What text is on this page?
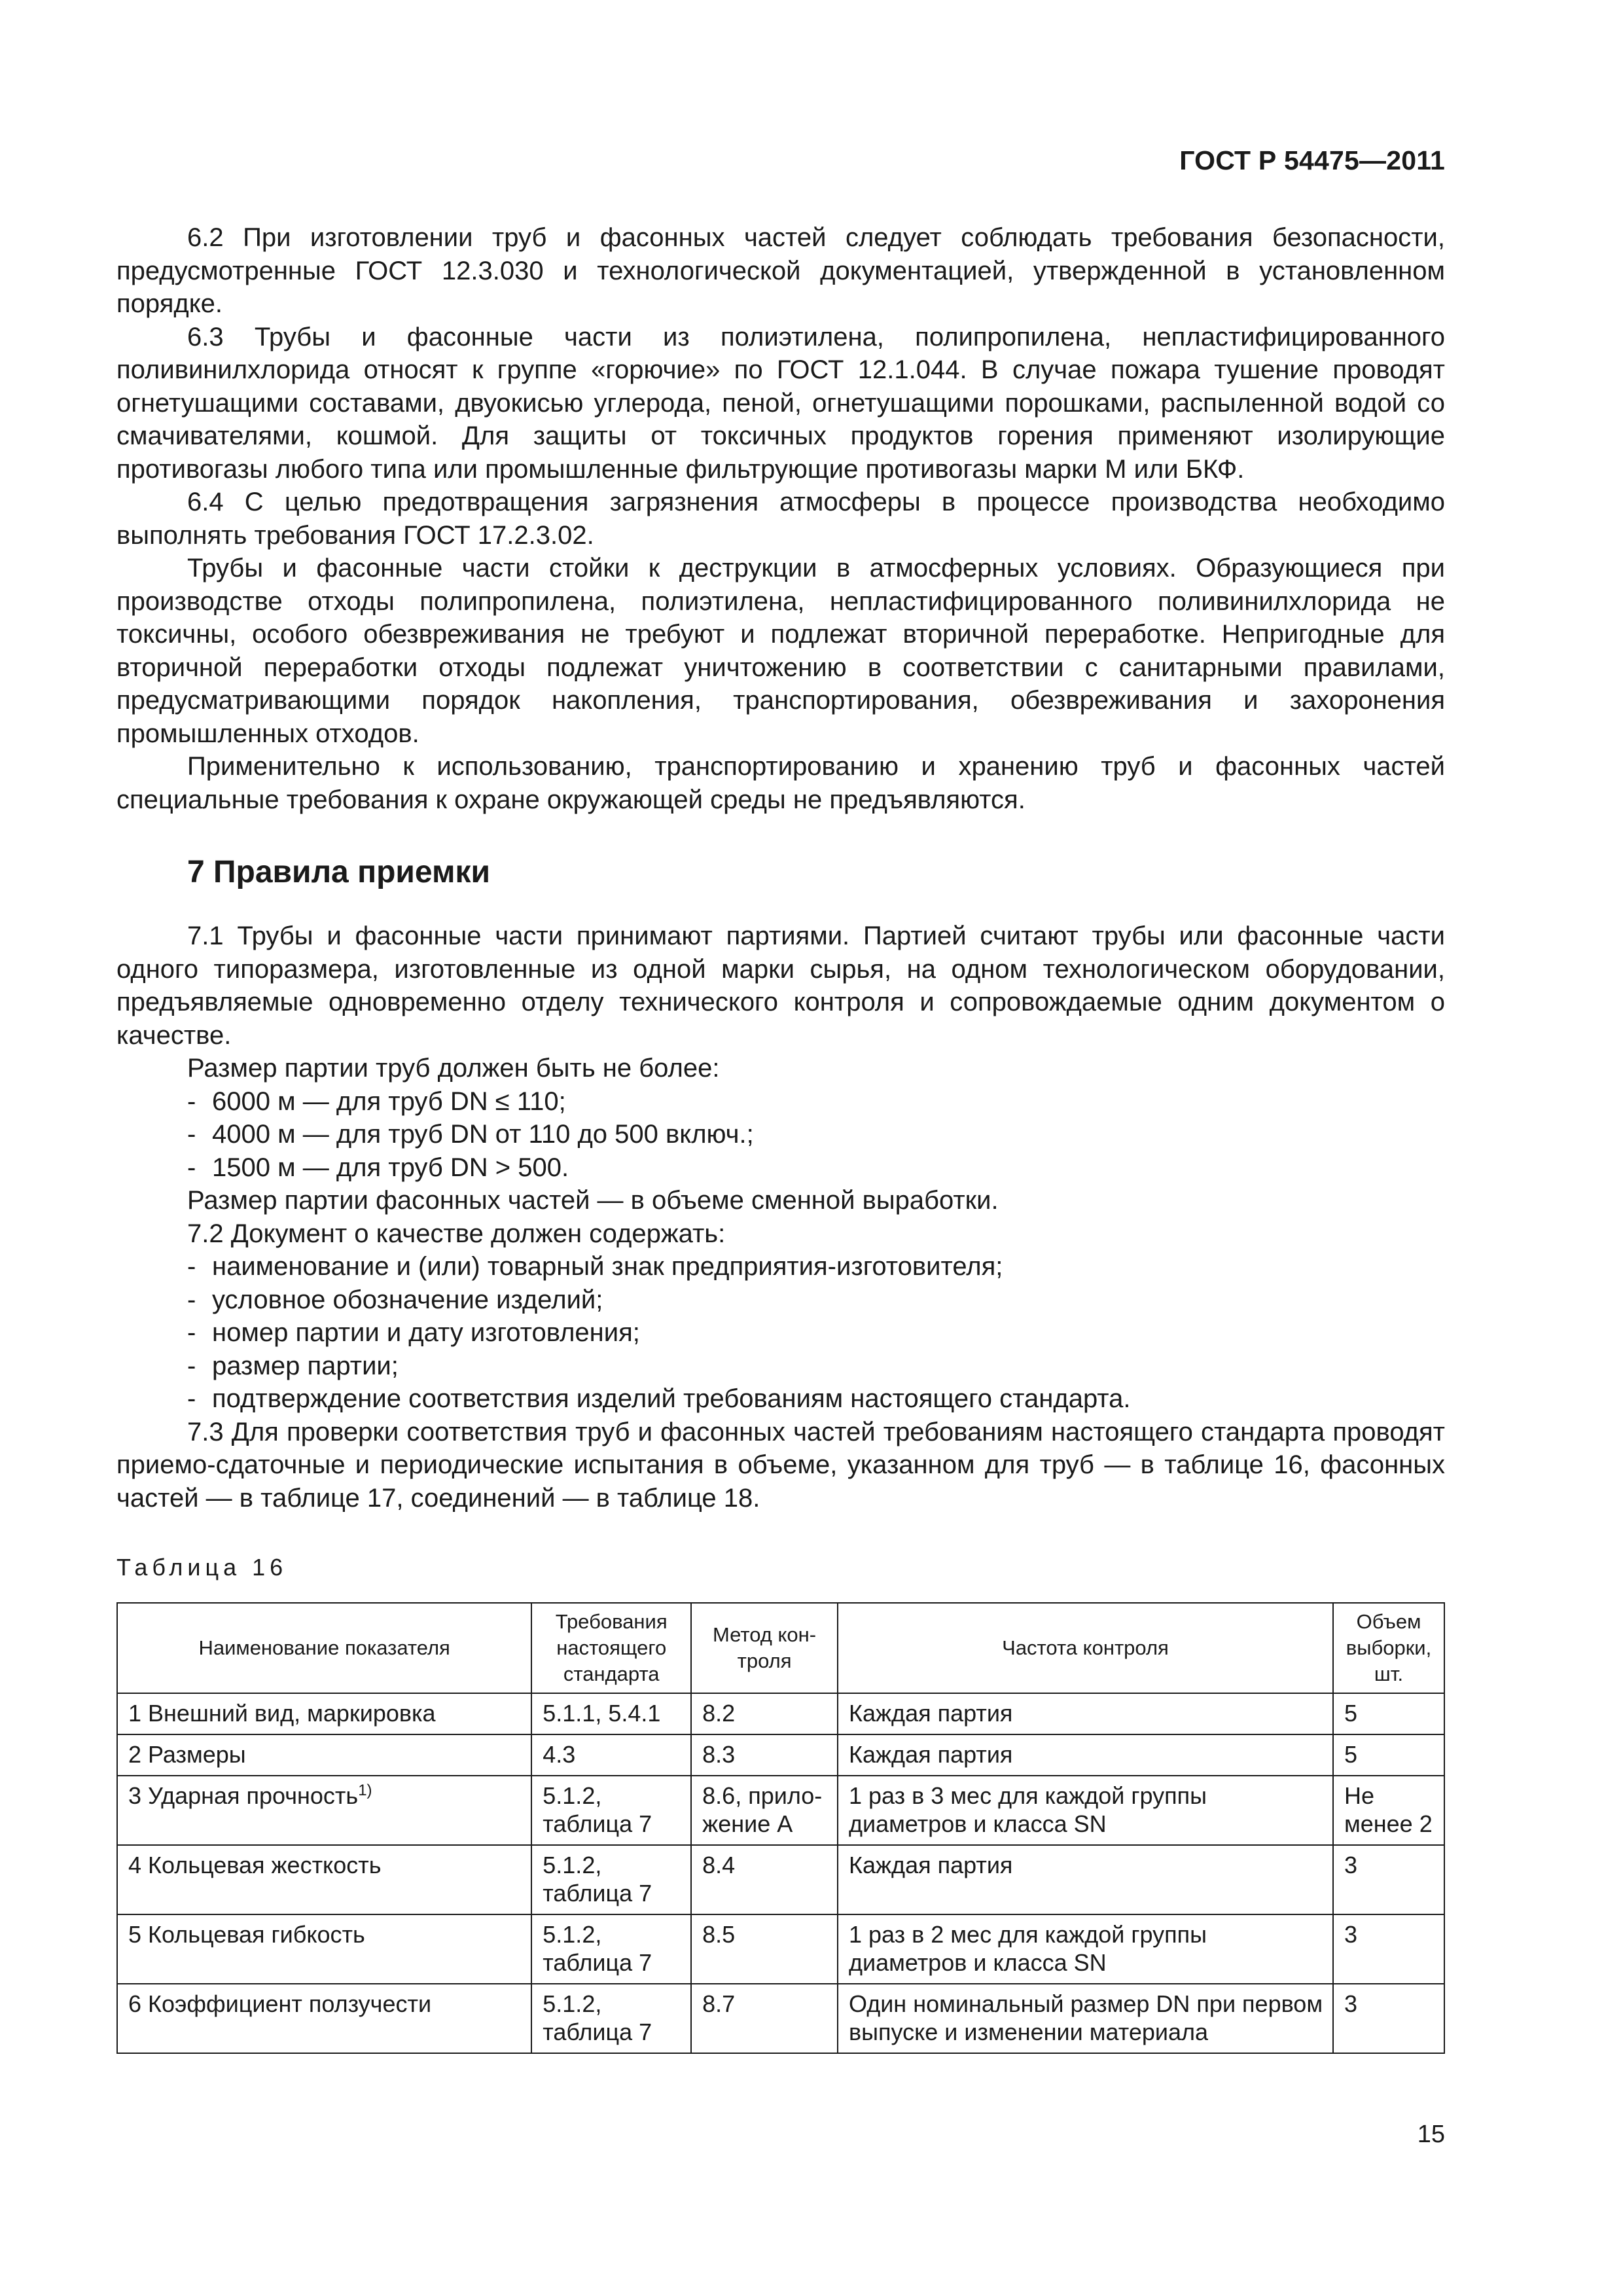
ГОСТ Р 54475—2011

6.2 При изготовлении труб и фасонных частей следует соблюдать требования безопасности, предусмотренные ГОСТ 12.3.030 и технологической документацией, утвержденной в установленном порядке.

6.3 Трубы и фасонные части из полиэтилена, полипропилена, непластифицированного поливинилхлорида относят к группе «горючие» по ГОСТ 12.1.044. В случае пожара тушение проводят огнетушащими составами, двуокисью углерода, пеной, огнетушащими порошками, распыленной водой со смачивателями, кошмой. Для защиты от токсичных продуктов горения применяют изолирующие противогазы любого типа или промышленные фильтрующие противогазы марки М или БКФ.

6.4 С целью предотвращения загрязнения атмосферы в процессе производства необходимо выполнять требования ГОСТ 17.2.3.02.

Трубы и фасонные части стойки к деструкции в атмосферных условиях. Образующиеся при производстве отходы полипропилена, полиэтилена, непластифицированного поливинилхлорида не токсичны, особого обезвреживания не требуют и подлежат вторичной переработке. Непригодные для вторичной переработки отходы подлежат уничтожению в соответствии с санитарными правилами, предусматривающими порядок накопления, транспортирования, обезвреживания и захоронения промышленных отходов.

Применительно к использованию, транспортированию и хранению труб и фасонных частей специальные требования к охране окружающей среды не предъявляются.

7 Правила приемки

7.1 Трубы и фасонные части принимают партиями. Партией считают трубы или фасонные части одного типоразмера, изготовленные из одной марки сырья, на одном технологическом оборудовании, предъявляемые одновременно отделу технического контроля и сопровождаемые одним документом о качестве.

Размер партии труб должен быть не более:

- 6000 м — для труб DN ≤ 110;

- 4000 м — для труб DN от 110 до 500 включ.;

- 1500 м — для труб DN > 500.

Размер партии фасонных частей — в объеме сменной выработки.

7.2 Документ о качестве должен содержать:

- наименование и (или) товарный знак предприятия-изготовителя;

- условное обозначение изделий;

- номер партии и дату изготовления;

- размер партии;

- подтверждение соответствия изделий требованиям настоящего стандарта.

7.3 Для проверки соответствия труб и фасонных частей требованиям настоящего стандарта проводят приемо-сдаточные и периодические испытания в объеме, указанном для труб — в таблице 16, фасонных частей — в таблице 17, соединений — в таблице 18.

Таблица 16
Наименование показателя	Требования настоящего стандарта	Метод кон-троля	Частота контроля	Объем выборки, шт.
1 Внешний вид, маркировка	5.1.1, 5.4.1	8.2	Каждая партия	5
2 Размеры	4.3	8.3	Каждая партия	5
3 Ударная прочность$^{1)}$	5.1.2, таблица 7	8.6, прило-жение А	1 раз в 3 мес для каждой группы диаметров и класса SN	Не менее 2
4 Кольцевая жесткость	5.1.2, таблица 7	8.4	Каждая партия	3
5 Кольцевая гибкость	5.1.2, таблица 7	8.5	1 раз в 2 мес для каждой группы диаметров и класса SN	3
6 Коэффициент ползучести	5.1.2, таблица 7	8.7	Один номинальный размер DN при первом выпуске и изменении материала	3
15
